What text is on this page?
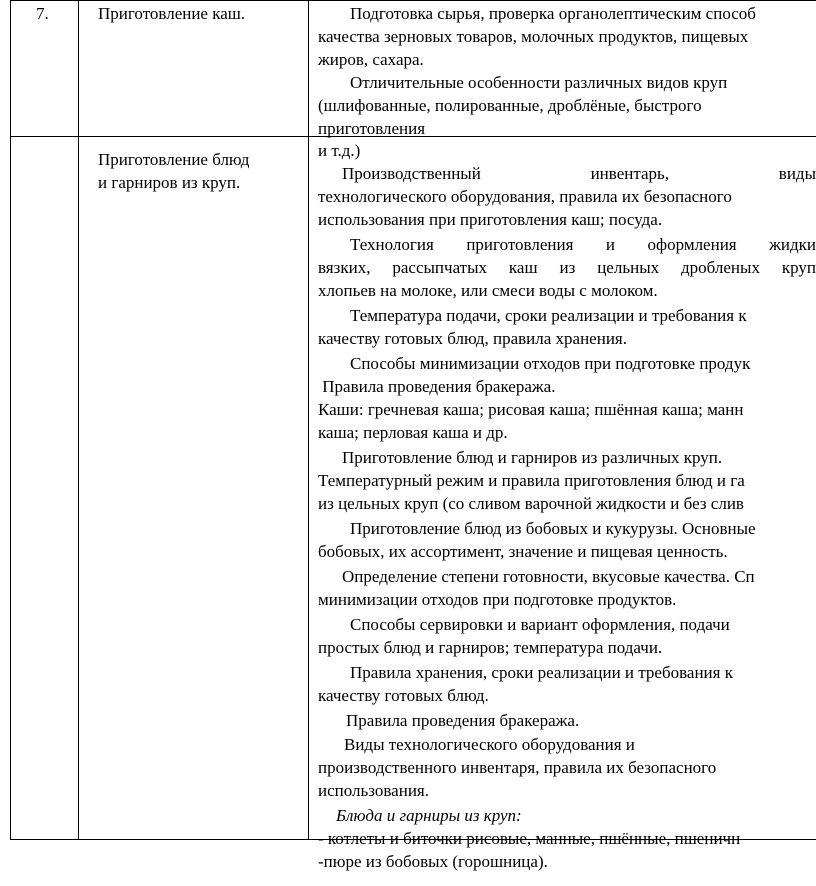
7.	Приготовление каш.	Подготовка сырья, проверка органолептическим способ
качества зерновых товаров, молочных продуктов, пищевых
жиров, сахара.
Отличительные особенности различных видов круп
(шлифованные, полированные, дроблёные, быстрого
приготовления
Приготовление блюд
и гарниров из круп.
и т.д.)
Производственный инвентарь, виды
технологического оборудования, правила их безопасного
использования при приготовления каш; посуда.
Технология приготовления и оформления жидки
вязких, рассыпчатых каш из цельных дробленых круп
хлопьев на молоке, или смеси воды с молоком.
Температура подачи, сроки реализации и требования к
качеству готовых блюд, правила хранения.
Способы минимизации отходов при подготовке продук
Правила проведения бракеража.
Каши: гречневая каша; рисовая каша; пшённая каша; манн
каша; перловая каша и др.
Приготовление блюд и гарниров из различных круп.
Температурный режим и правила приготовления блюд и га
из цельных круп (со сливом варочной жидкости и без слив
Приготовление блюд из бобовых и кукурузы. Основные
бобовых, их ассортимент, значение и пищевая ценность.
Определение степени готовности, вкусовые качества. Сп
минимизации отходов при подготовке продуктов.
Способы сервировки и вариант оформления, подачи
простых блюд и гарниров; температура подачи.
Правила хранения, сроки реализации и требования к
качеству готовых блюд.
Правила проведения бракеража.
Виды технологического оборудования и
производственного инвентаря, правила их безопасного
использования.
Блюда и гарниры из круп:
- котлеты и биточки рисовые, манные, пшённые, пшеничн
-пюре из бобовых (горошница).
